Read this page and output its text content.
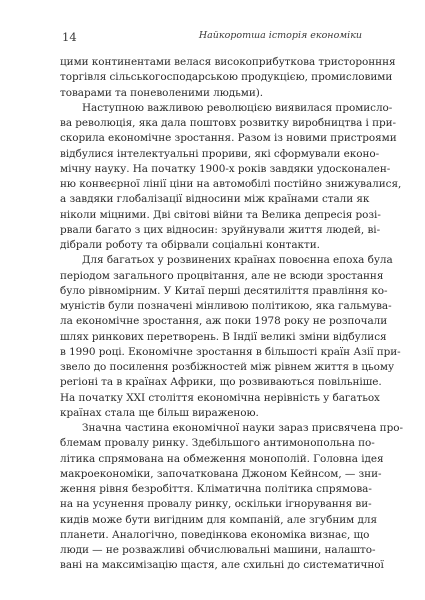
14	Найкоротша історія економіки
цими континентами велася високоприбуткова тристоронння
торгівля сільськогосподарською продукцією, промисловими
товарами та поневоленими людьми).
Наступною важливою революцією виявилася промисло-
ва революція, яка дала поштовх розвитку виробництва і при-
скорила економічне зростання. Разом із новими пристроями
відбулися інтелектуальні прориви, які сформували еконо-
мічну науку. На початку 1900-х років завдяки удосконален-
ню конвеєрної лінії ціни на автомобілі постійно знижувалися,
а завдяки глобалізації відносини між країнами стали як
ніколи міцними. Дві світові війни та Велика депресія розі-
рвали багато з цих відносин: зруйнували життя людей, ві-
дібрали роботу та обірвали соціальні контакти.
Для багатьох у розвинених країнах повоєнна епоха була
періодом загального процвітання, але не всюди зростання
було рівномірним. У Китаї перші десятиліття правління ко-
муністів були позначені мінливою політикою, яка гальмува-
ла економічне зростання, аж поки 1978 року не розпочали
шлях ринкових перетворень. В Індії великі зміни відбулися
в 1990 році. Економічне зростання в більшості країн Азії при-
звело до посилення розбіжностей між рівнем життя в цьому
регіоні та в країнах Африки, що розвиваються повільніше.
На початку XXI століття економічна нерівність у багатьох
країнах стала ще більш вираженою.
Значна частина економічної науки зараз присвячена про-
блемам провалу ринку. Здебільшого антимонопольна по-
літика спрямована на обмеження монополій. Головна ідея
макроекономіки, започаткована Джоном Кейнсом, — зни-
ження рівня безробіття. Кліматична політика спрямова-
на на усунення провалу ринку, оскільки ігнорування ви-
кидів може бути вигідним для компаній, але згубним для
планети. Аналогічно, поведінкова економіка визнає, що
люди — не розважливі обчислювальні машини, налашто-
вані на максимізацію щастя, але схильні до систематичної
